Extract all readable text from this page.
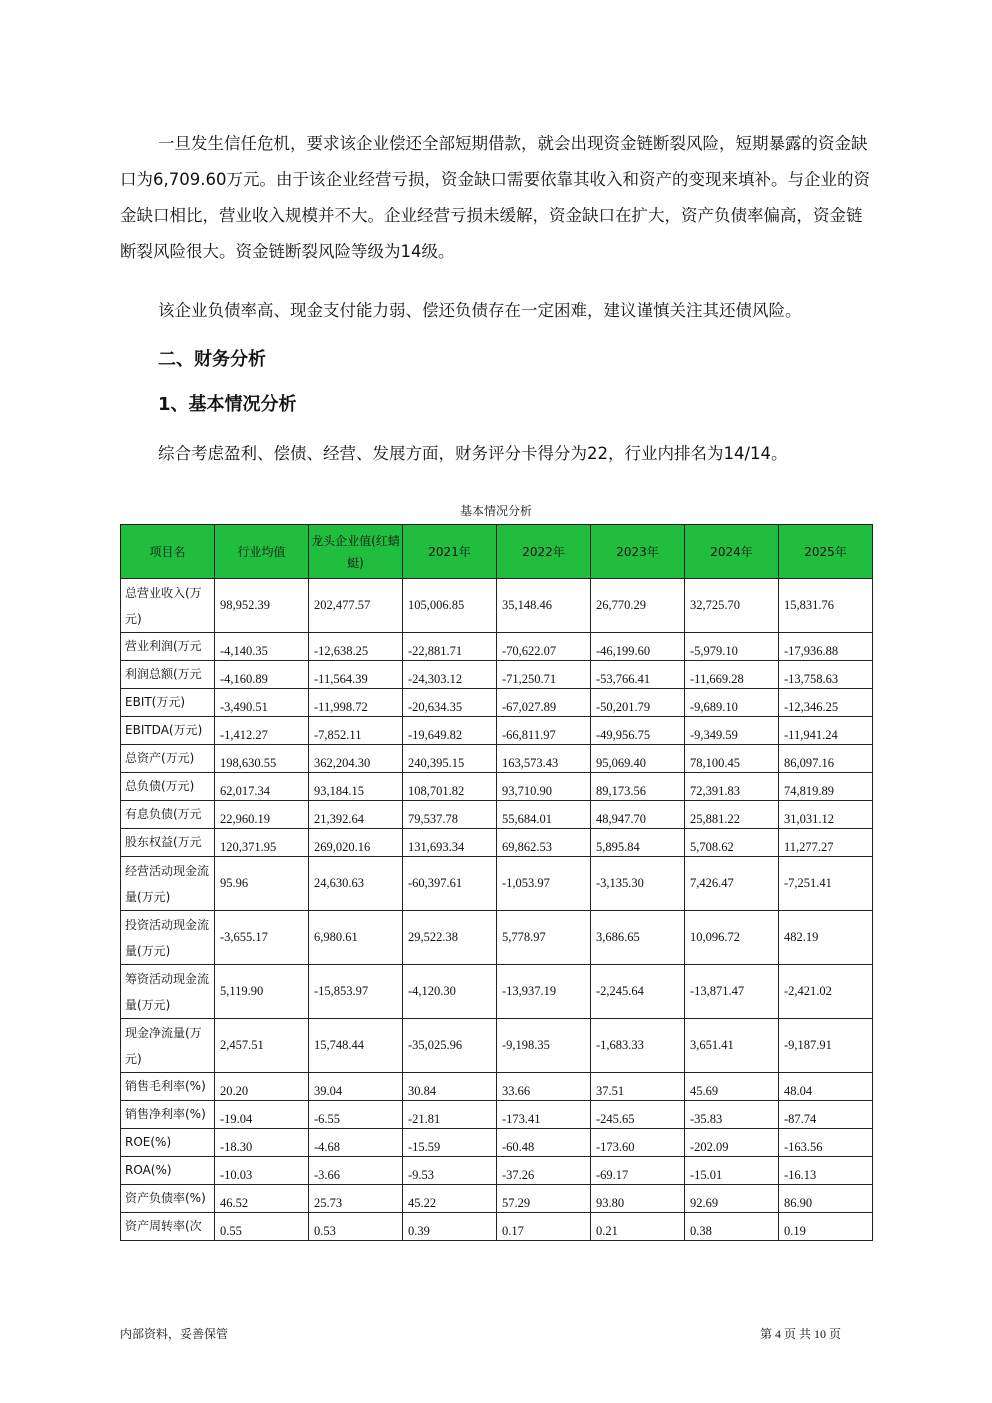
一旦发生信任危机，要求该企业偿还全部短期借款，就会出现资金链断裂风险，短期暴露的资金缺口为6,709.60万元。由于该企业经营亏损，资金缺口需要依靠其收入和资产的变现来填补。与企业的资金缺口相比，营业收入规模并不大。企业经营亏损未缓解，资金缺口在扩大，资产负债率偏高，资金链断裂风险很大。资金链断裂风险等级为14级。

该企业负债率高、现金支付能力弱、偿还负债存在一定困难，建议谨慎关注其还债风险。

二、财务分析
1、基本情况分析

综合考虑盈利、偿债、经营、发展方面，财务评分卡得分为22，行业内排名为14/14。

基本情况分析
项目名	行业均值	龙头企业值(红蜻蜓)	2021年	2022年	2023年	2024年	2025年
总营业收入(万元)	98,952.39	202,477.57	105,006.85	35,148.46	26,770.29	32,725.70	15,831.76
营业利润(万元	-4,140.35	-12,638.25	-22,881.71	-70,622.07	-46,199.60	-5,979.10	-17,936.88
利润总额(万元	-4,160.89	-11,564.39	-24,303.12	-71,250.71	-53,766.41	-11,669.28	-13,758.63
EBIT(万元)	-3,490.51	-11,998.72	-20,634.35	-67,027.89	-50,201.79	-9,689.10	-12,346.25
EBITDA(万元)	-1,412.27	-7,852.11	-19,649.82	-66,811.97	-49,956.75	-9,349.59	-11,941.24
总资产(万元)	198,630.55	362,204.30	240,395.15	163,573.43	95,069.40	78,100.45	86,097.16
总负债(万元)	62,017.34	93,184.15	108,701.82	93,710.90	89,173.56	72,391.83	74,819.89
有息负债(万元	22,960.19	21,392.64	79,537.78	55,684.01	48,947.70	25,881.22	31,031.12
股东权益(万元	120,371.95	269,020.16	131,693.34	69,862.53	5,895.84	5,708.62	11,277.27
经营活动现金流量(万元)	95.96	24,630.63	-60,397.61	-1,053.97	-3,135.30	7,426.47	-7,251.41
投资活动现金流量(万元)	-3,655.17	6,980.61	29,522.38	5,778.97	3,686.65	10,096.72	482.19
筹资活动现金流量(万元)	5,119.90	-15,853.97	-4,120.30	-13,937.19	-2,245.64	-13,871.47	-2,421.02
现金净流量(万元)	2,457.51	15,748.44	-35,025.96	-9,198.35	-1,683.33	3,651.41	-9,187.91
销售毛利率(%)	20.20	39.04	30.84	33.66	37.51	45.69	48.04
销售净利率(%)	-19.04	-6.55	-21.81	-173.41	-245.65	-35.83	-87.74
ROE(%)	-18.30	-4.68	-15.59	-60.48	-173.60	-202.09	-163.56
ROA(%)	-10.03	-3.66	-9.53	-37.26	-69.17	-15.01	-16.13
资产负债率(%)	46.52	25.73	45.22	57.29	93.80	92.69	86.90
资产周转率(次	0.55	0.53	0.39	0.17	0.21	0.38	0.19
内部资料，妥善保管	第 4 页 共 10 页
